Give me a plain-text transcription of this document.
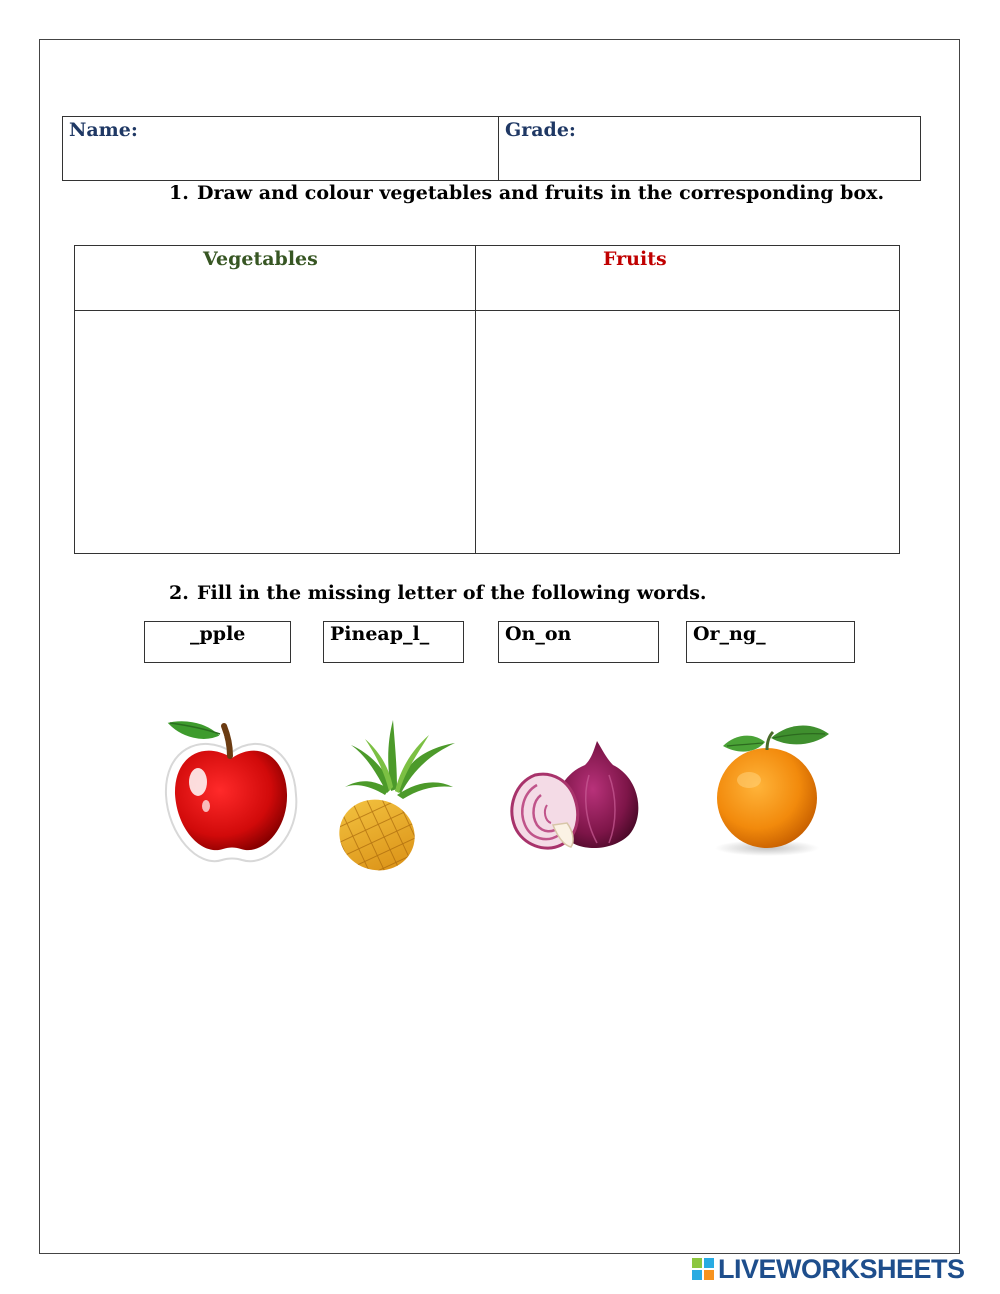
Name:	Grade:
1. Draw and colour vegetables and fruits in the corresponding box.
Vegetables	Fruits
2. Fill in the missing letter of the following words.
_pple	Pineap_l_	On_on	Or_ng_
LIVEWORKSHEETS
